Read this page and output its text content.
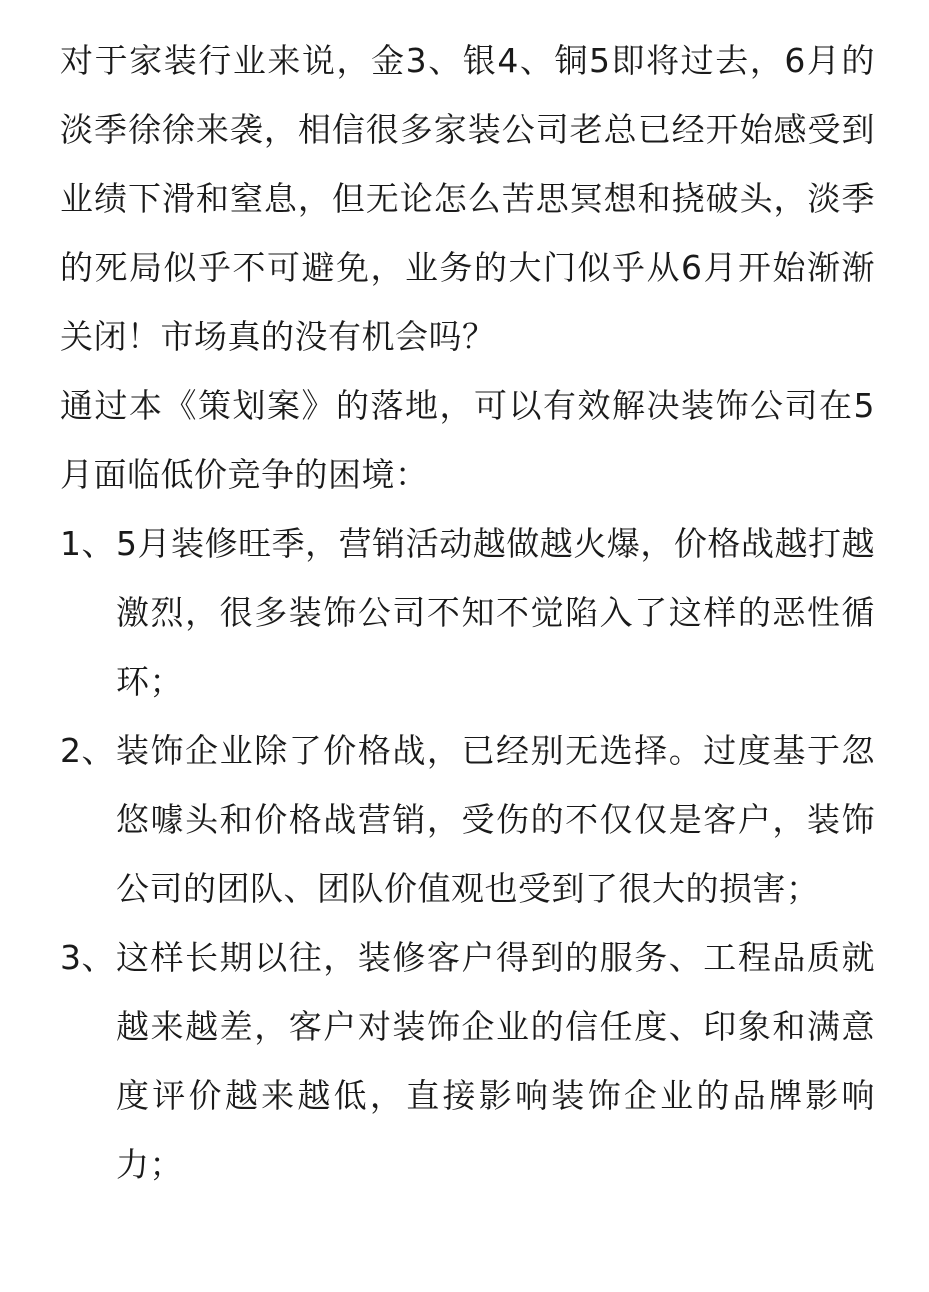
对于家装行业来说，金3、银4、铜5即将过去，6月的淡季徐徐来袭，相信很多家装公司老总已经开始感受到业绩下滑和窒息，但无论怎么苦思冥想和挠破头，淡季的死局似乎不可避免，业务的大门似乎从6月开始渐渐关闭！市场真的没有机会吗？

通过本《策划案》的落地，可以有效解决装饰公司在5月面临低价竞争的困境：

1、 5月装修旺季，营销活动越做越火爆，价格战越打越激烈，很多装饰公司不知不觉陷入了这样的恶性循环；
2、 装饰企业除了价格战，已经别无选择。过度基于忽悠噱头和价格战营销，受伤的不仅仅是客户，装饰公司的团队、团队价值观也受到了很大的损害；
3、 这样长期以往，装修客户得到的服务、工程品质就越来越差，客户对装饰企业的信任度、印象和满意度评价越来越低，直接影响装饰企业的品牌影响力；
